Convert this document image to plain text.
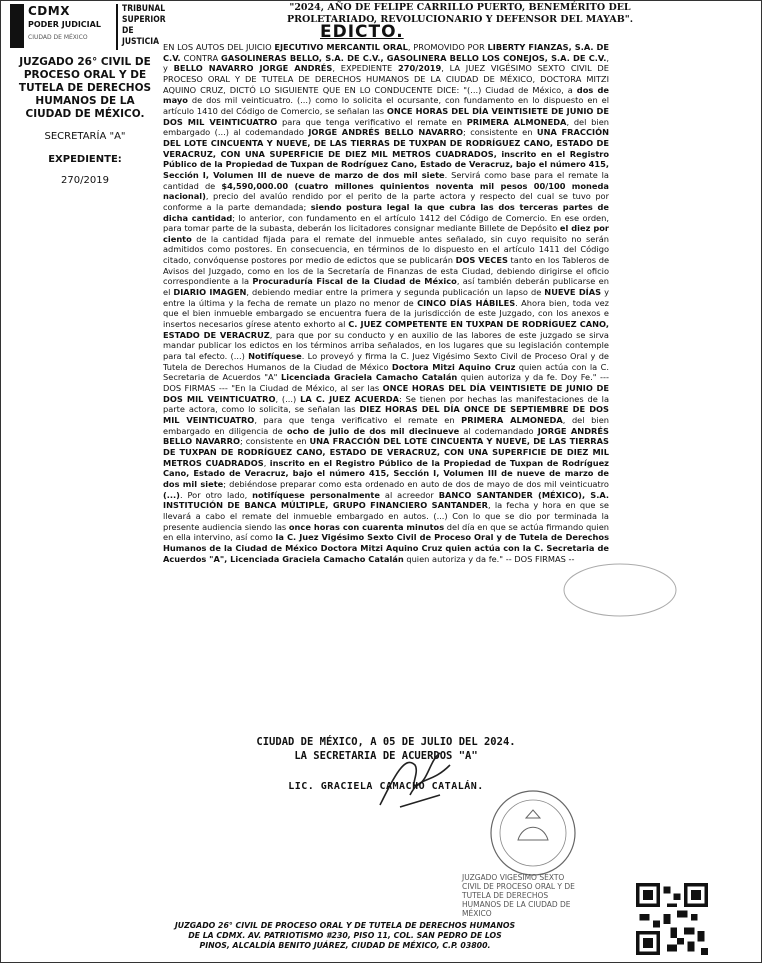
CDMX
PODER JUDICIAL
CIUDAD DE MÉXICO
TRIBUNAL SUPERIOR DE JUSTICIA
"2024, AÑO DE FELIPE CARRILLO PUERTO, BENEMÉRITO DEL
PROLETARIADO, REVOLUCIONARIO Y DEFENSOR DEL MAYAB".
EDICTO.
JUZGADO 26° CIVIL DE PROCESO ORAL Y DE TUTELA DE DERECHOS HUMANOS DE LA CIUDAD DE MÉXICO.
SECRETARÍA "A"
EXPEDIENTE:
270/2019
EN LOS AUTOS DEL JUICIO EJECUTIVO MERCANTIL ORAL, PROMOVIDO POR LIBERTY FIANZAS, S.A. DE C.V. CONTRA GASOLINERAS BELLO, S.A. DE C.V., GASOLINERA BELLO LOS CONEJOS, S.A. DE C.V., y BELLO NAVARRO JORGE ANDRÉS, EXPEDIENTE 270/2019, LA JUEZ VIGÉSIMO SEXTO CIVIL DE PROCESO ORAL Y DE TUTELA DE DERECHOS HUMANOS DE LA CIUDAD DE MÉXICO, DOCTORA MITZI AQUINO CRUZ, DICTÓ LO SIGUIENTE QUE EN LO CONDUCENTE DICE: "(...) Ciudad de México, a dos de mayo de dos mil veinticuatro. (...) como lo solicita el ocursante, con fundamento en lo dispuesto en el artículo 1410 del Código de Comercio, se señalan las ONCE HORAS DEL DÍA VEINTISIETE DE JUNIO DE DOS MIL VEINTICUATRO para que tenga verificativo el remate en PRIMERA ALMONEDA, del bien embargado (...) al codemandado JORGE ANDRÉS BELLO NAVARRO; consistente en UNA FRACCIÓN DEL LOTE CINCUENTA Y NUEVE, DE LAS TIERRAS DE TUXPAN DE RODRÍGUEZ CANO, ESTADO DE VERACRUZ, CON UNA SUPERFICIE DE DIEZ MIL METROS CUADRADOS, inscrito en el Registro Público de la Propiedad de Tuxpan de Rodríguez Cano, Estado de Veracruz, bajo el número 415, Sección I, Volumen III de nueve de marzo de dos mil siete. Servirá como base para el remate la cantidad de $4,590,000.00 (cuatro millones quinientos noventa mil pesos 00/100 moneda nacional), precio del avalúo rendido por el perito de la parte actora y respecto del cual se tuvo por conforme a la parte demandada; siendo postura legal la que cubra las dos terceras partes de dicha cantidad; lo anterior, con fundamento en el artículo 1412 del Código de Comercio. En ese orden, para tomar parte de la subasta, deberán los licitadores consignar mediante Billete de Depósito el diez por ciento de la cantidad fijada para el remate del inmueble antes señalado, sin cuyo requisito no serán admitidos como postores. En consecuencia, en términos de lo dispuesto en el artículo 1411 del Código citado, convóquense postores por medio de edictos que se publicarán DOS VECES tanto en los Tableros de Avisos del Juzgado, como en los de la Secretaría de Finanzas de esta Ciudad, debiendo dirigirse el oficio correspondiente a la Procuraduría Fiscal de la Ciudad de México, así también deberán publicarse en el DIARIO IMAGEN, debiendo mediar entre la primera y segunda publicación un lapso de NUEVE DÍAS y entre la última y la fecha de remate un plazo no menor de CINCO DÍAS HÁBILES. Ahora bien, toda vez que el bien inmueble embargado se encuentra fuera de la jurisdicción de este Juzgado, con los anexos e insertos necesarios gírese atento exhorto al C. JUEZ COMPETENTE EN TUXPAN DE RODRÍGUEZ CANO, ESTADO DE VERACRUZ, para que por su conducto y en auxilio de las labores de este juzgado se sirva mandar publicar los edictos en los términos arriba señalados, en los lugares que su legislación contemple para tal efecto. (...) Notifíquese. Lo proveyó y firma la C. Juez Vigésimo Sexto Civil de Proceso Oral y de Tutela de Derechos Humanos de la Ciudad de México Doctora Mitzi Aquino Cruz quien actúa con la C. Secretaria de Acuerdos "A" Licenciada Graciela Camacho Catalán quien autoriza y da fe. Doy Fe." --- DOS FIRMAS --- "En la Ciudad de México, al ser las ONCE HORAS DEL DÍA VEINTISIETE DE JUNIO DE DOS MIL VEINTICUATRO, (...) LA C. JUEZ ACUERDA: Se tienen por hechas las manifestaciones de la parte actora, como lo solicita, se señalan las DIEZ HORAS DEL DÍA ONCE DE SEPTIEMBRE DE DOS MIL VEINTICUATRO, para que tenga verificativo el remate en PRIMERA ALMONEDA, del bien embargado en diligencia de ocho de julio de dos mil diecinueve al codemandado JORGE ANDRÉS BELLO NAVARRO; consistente en UNA FRACCIÓN DEL LOTE CINCUENTA Y NUEVE, DE LAS TIERRAS DE TUXPAN DE RODRÍGUEZ CANO, ESTADO DE VERACRUZ, CON UNA SUPERFICIE DE DIEZ MIL METROS CUADRADOS, inscrito en el Registro Público de la Propiedad de Tuxpan de Rodríguez Cano, Estado de Veracruz, bajo el número 415, Sección I, Volumen III de nueve de marzo de dos mil siete; debiéndose preparar como esta ordenado en auto de dos de mayo de dos mil veinticuatro (...). Por otro lado, notifíquese personalmente al acreedor BANCO SANTANDER (MÉXICO), S.A. INSTITUCIÓN DE BANCA MÚLTIPLE, GRUPO FINANCIERO SANTANDER, la fecha y hora en que se llevará a cabo el remate del inmueble embargado en autos. (...) Con lo que se dio por terminada la presente audiencia siendo las once horas con cuarenta minutos del día en que se actúa firmando quien en ella intervino, así como la C. Juez Vigésimo Sexto Civil de Proceso Oral y de Tutela de Derechos Humanos de la Ciudad de México Doctora Mitzi Aquino Cruz quien actúa con la C. Secretaria de Acuerdos "A", Licenciada Graciela Camacho Catalán quien autoriza y da fe." -- DOS FIRMAS --
CIUDAD DE MÉXICO, A 05 DE JULIO DEL 2024.
LA SECRETARIA DE ACUERDOS "A"
LIC. GRACIELA CAMACHO CATALÁN.
JUZGADO VIGESIMO SEXTO CIVIL DE PROCESO ORAL Y DE TUTELA DE DERECHOS HUMANOS DE LA CIUDAD DE MÉXICO
JUZGADO 26° CIVIL DE PROCESO ORAL Y DE TUTELA DE DERECHOS HUMANOS
DE LA CDMX. AV. PATRIOTISMO #230, PISO 11, COL. SAN PEDRO DE LOS
PINOS, ALCALDÍA BENITO JUÁREZ, CIUDAD DE MÉXICO, C.P. 03800.
